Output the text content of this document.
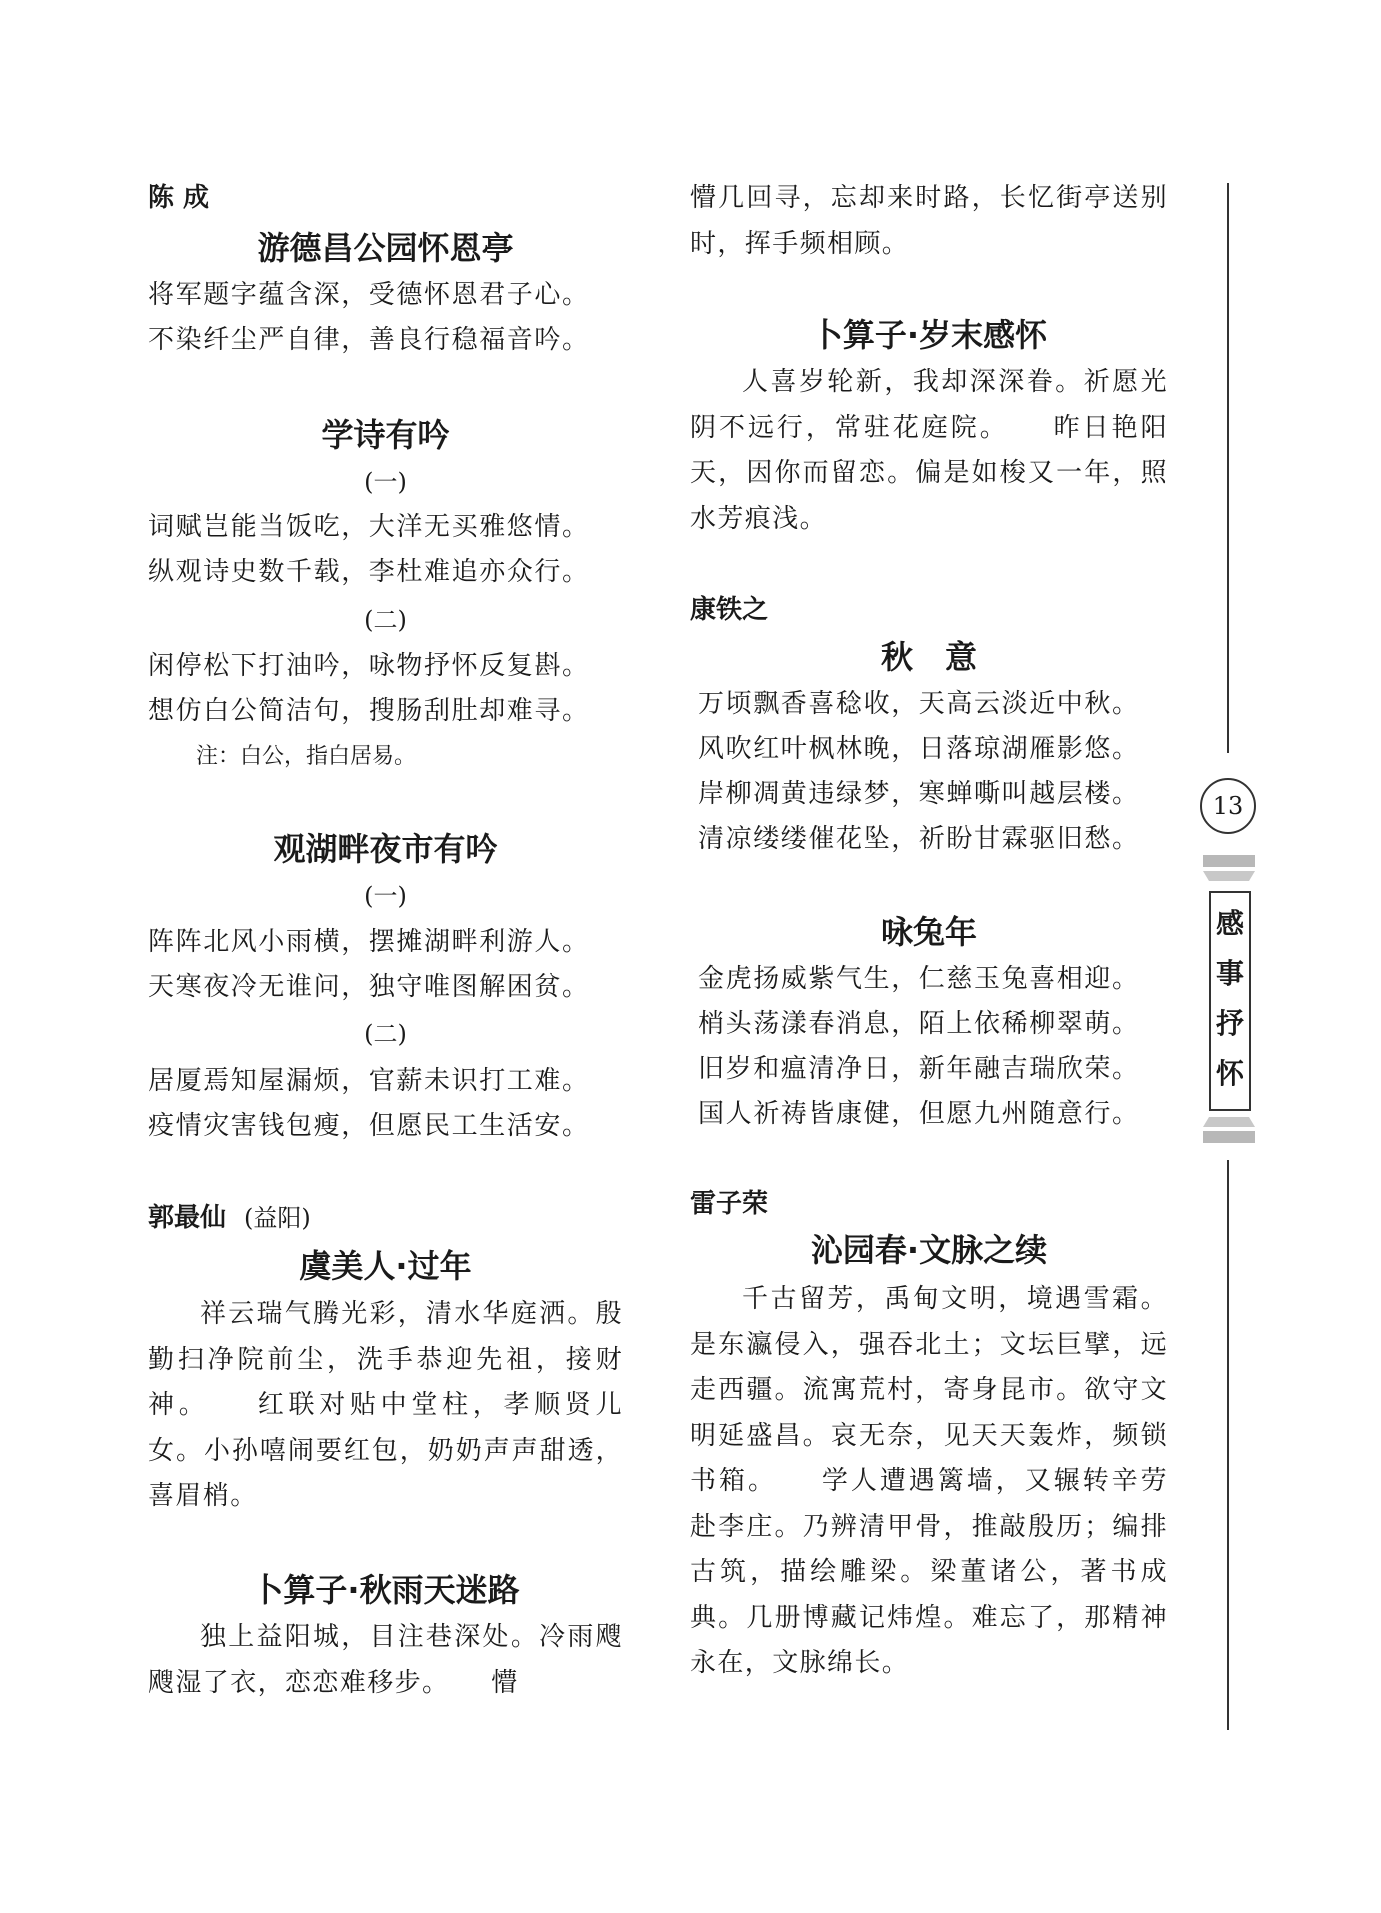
陈 成
游德昌公园怀恩亭
将军题字蕴含深，受德怀恩君子心。
不染纤尘严自律，善良行稳福音吟。
学诗有吟
(一)
词赋岂能当饭吃，大洋无买雅悠情。
纵观诗史数千载，李杜难追亦众行。
(二)
闲停松下打油吟，咏物抒怀反复斟。
想仿白公简洁句，搜肠刮肚却难寻。
注：白公，指白居易。
观湖畔夜市有吟
(一)
阵阵北风小雨横，摆摊湖畔利游人。
天寒夜冷无谁问，独守唯图解困贫。
(二)
居厦焉知屋漏烦，官薪未识打工难。
疫情灾害钱包瘦，但愿民工生活安。
郭最仙 (益阳)
虞美人·过年
祥云瑞气腾光彩，清水华庭洒。殷勤扫净院前尘，洗手恭迎先祖，接财神。　　红联对贴中堂柱，孝顺贤儿女。小孙嘻闹要红包，奶奶声声甜透，喜眉梢。
卜算子·秋雨天迷路
独上益阳城，目注巷深处。冷雨飕飕湿了衣，恋恋难移步。　　懵
懵几回寻，忘却来时路，长忆街亭送别时，挥手频相顾。
卜算子·岁末感怀
人喜岁轮新，我却深深眷。祈愿光阴不远行，常驻花庭院。　　昨日艳阳天，因你而留恋。偏是如梭又一年，照水芳痕浅。
康铁之
秋　意
万顷飘香喜稔收，天高云淡近中秋。
风吹红叶枫林晚，日落琼湖雁影悠。
岸柳凋黄违绿梦，寒蝉嘶叫越层楼。
清凉缕缕催花坠，祈盼甘霖驱旧愁。
咏兔年
金虎扬威紫气生，仁慈玉兔喜相迎。
梢头荡漾春消息，陌上依稀柳翠萌。
旧岁和瘟清净日，新年融吉瑞欣荣。
国人祈祷皆康健，但愿九州随意行。
雷子荣
沁园春·文脉之续
千古留芳，禹甸文明，境遇雪霜。是东瀛侵入，强吞北土；文坛巨擘，远走西疆。流寓荒村，寄身昆市。欲守文明延盛昌。哀无奈，见天天轰炸，频锁书箱。　　学人遭遇篱墙，又辗转辛劳赴李庄。乃辨清甲骨，推敲殷历；编排古筑，描绘雕梁。梁董诸公，著书成典。几册博藏记炜煌。难忘了，那精神永在，文脉绵长。
13
感
事
抒
怀
